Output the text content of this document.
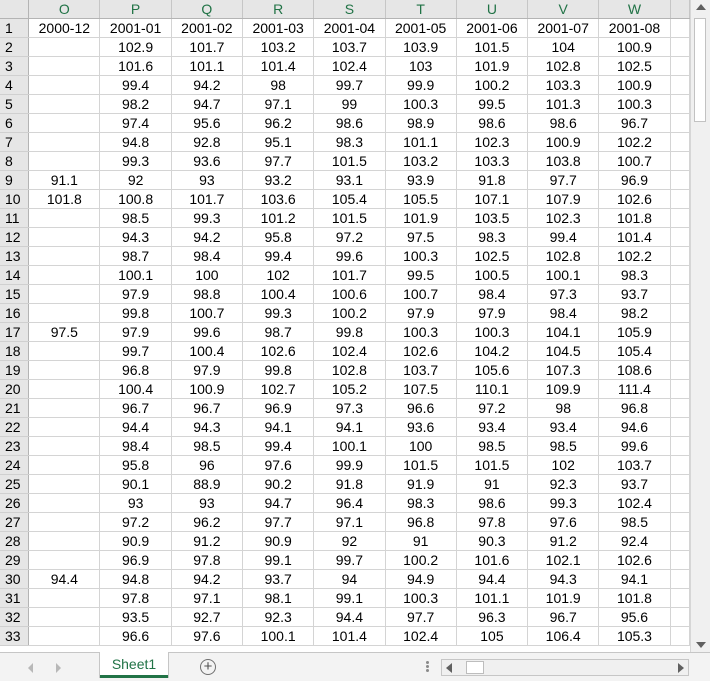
	O	P	Q	R	S	T	U	V	W	
1	2000-12	2001-01	2001-02	2001-03	2001-04	2001-05	2001-06	2001-07	2001-08	
2		102.9	101.7	103.2	103.7	103.9	101.5	104	100.9	
3		101.6	101.1	101.4	102.4	103	101.9	102.8	102.5	
4		99.4	94.2	98	99.7	99.9	100.2	103.3	100.9	
5		98.2	94.7	97.1	99	100.3	99.5	101.3	100.3	
6		97.4	95.6	96.2	98.6	98.9	98.6	98.6	96.7	
7		94.8	92.8	95.1	98.3	101.1	102.3	100.9	102.2	
8		99.3	93.6	97.7	101.5	103.2	103.3	103.8	100.7	
9	91.1	92	93	93.2	93.1	93.9	91.8	97.7	96.9	
10	101.8	100.8	101.7	103.6	105.4	105.5	107.1	107.9	102.6	
11		98.5	99.3	101.2	101.5	101.9	103.5	102.3	101.8	
12		94.3	94.2	95.8	97.2	97.5	98.3	99.4	101.4	
13		98.7	98.4	99.4	99.6	100.3	102.5	102.8	102.2	
14		100.1	100	102	101.7	99.5	100.5	100.1	98.3	
15		97.9	98.8	100.4	100.6	100.7	98.4	97.3	93.7	
16		99.8	100.7	99.3	100.2	97.9	97.9	98.4	98.2	
17	97.5	97.9	99.6	98.7	99.8	100.3	100.3	104.1	105.9	
18		99.7	100.4	102.6	102.4	102.6	104.2	104.5	105.4	
19		96.8	97.9	99.8	102.8	103.7	105.6	107.3	108.6	
20		100.4	100.9	102.7	105.2	107.5	110.1	109.9	111.4	
21		96.7	96.7	96.9	97.3	96.6	97.2	98	96.8	
22		94.4	94.3	94.1	94.1	93.6	93.4	93.4	94.6	
23		98.4	98.5	99.4	100.1	100	98.5	98.5	99.6	
24		95.8	96	97.6	99.9	101.5	101.5	102	103.7	
25		90.1	88.9	90.2	91.8	91.9	91	92.3	93.7	
26		93	93	94.7	96.4	98.3	98.6	99.3	102.4	
27		97.2	96.2	97.7	97.1	96.8	97.8	97.6	98.5	
28		90.9	91.2	90.9	92	91	90.3	91.2	92.4	
29		96.9	97.8	99.1	99.7	100.2	101.6	102.1	102.6	
30	94.4	94.8	94.2	93.7	94	94.9	94.4	94.3	94.1	
31		97.8	97.1	98.1	99.1	100.3	101.1	101.9	101.8	
32		93.5	92.7	92.3	94.4	97.7	96.3	96.7	95.6	
33		96.6	97.6	100.1	101.4	102.4	105	106.4	105.3	
Sheet1	+
